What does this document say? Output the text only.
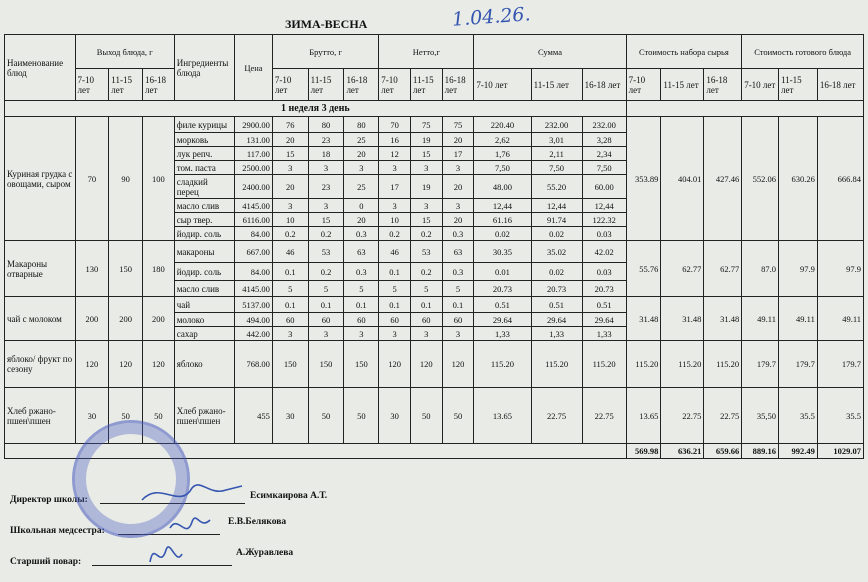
ЗИМА-ВЕСНА	1.04.26.
Наименование блюд	Выход блюда, г			Ингредиенты блюда	Цена	Брутто, г			Нетто,г			Сумма			Стоимость набора сырья			Стоимость готового блюда		
	7-10 лет	11-15 лет	16-18 лет			7-10 лет	11-15 лет	16-18 лет	7-10 лет	11-15 лет	16-18 лет	7-10 лет	11-15 лет	16-18 лет	7-10 лет	11-15 лет	16-18 лет	7-10 лет	11-15 лет	16-18 лет
1 неделя 3 день																				
Куриная грудка с овощами, сыром	70	90	100	филе курицы	2900.00	76	80	80	70	75	75	220.40	232.00	232.00	353.89	404.01	427.46	552.06	630.26	666.84
				морковь	131.00	20	23	25	16	19	20	2,62	3,01	3,28						
				лук репч.	117.00	15	18	20	12	15	17	1,76	2,11	2,34						
				том. паста	2500.00	3	3	3	3	3	3	7,50	7,50	7,50						
				сладкий перец	2400.00	20	23	25	17	19	20	48.00	55.20	60.00						
				масло слив	4145.00	3	3	0	3	3	3	12,44	12,44	12,44						
				сыр твер.	6116.00	10	15	20	10	15	20	61.16	91.74	122.32						
				йодир. соль	84.00	0.2	0.2	0.3	0.2	0.2	0.3	0.02	0.02	0.03						
Макароны отварные	130	150	180	макароны	667.00	46	53	63	46	53	63	30.35	35.02	42.02	55.76	62.77	62.77	87.0	97.9	97.9
				йодир. соль	84.00	0.1	0.2	0.3	0.1	0.2	0.3	0.01	0.02	0.03						
				масло слив	4145.00	5	5	5	5	5	5	20.73	20.73	20.73						
чай с молоком	200	200	200	чай	5137.00	0.1	0.1	0.1	0.1	0.1	0.1	0.51	0.51	0.51	31.48	31.48	31.48	49.11	49.11	49.11
				молоко	494.00	60	60	60	60	60	60	29.64	29.64	29.64						
				сахар	442.00	3	3	3	3	3	3	1,33	1,33	1,33						
яблоко/ фрукт по сезону	120	120	120	яблоко	768.00	150	150	150	120	120	120	115.20	115.20	115.20	115.20	115.20	115.20	179.7	179.7	179.7
Хлеб ржано-пшен\пшен	30	50	50	Хлеб ржано-пшен\пшен	455	30	50	50	30	50	50	13.65	22.75	22.75	13.65	22.75	22.75	35,50	35.5	35.5
															569.98	636.21	659.66	889.16	992.49	1029.07
Директор школы:	Есимкаирова А.Т.
Школьная медсестра:
Е.В.Белякова
Старший повар:
А.Журавлева
